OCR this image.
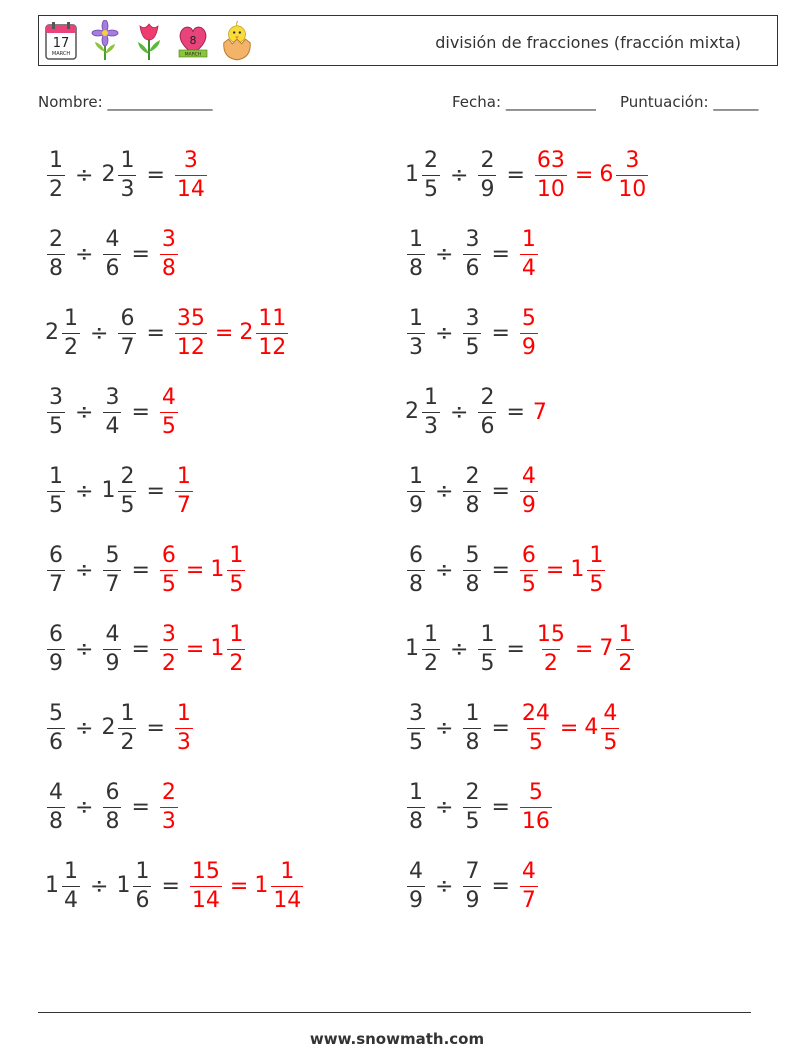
17
MARCH
8
MARCH
división de fracciones (fracción mixta)
Nombre: ______________	Fecha: ____________ Puntuación: ______
$\frac{1}{2} \div 2 \frac{1}{3} = \frac{3}{14}$
$\frac{2}{8} \div \frac{4}{6} = \frac{3}{8}$
$2 \frac{1}{2} \div \frac{6}{7} = \frac{35}{12} = 2 \frac{11}{12}$
$\frac{3}{5} \div \frac{3}{4} = \frac{4}{5}$
$\frac{1}{5} \div 1 \frac{2}{5} = \frac{1}{7}$
$\frac{6}{7} \div \frac{5}{7} = \frac{6}{5} = 1 \frac{1}{5}$
$\frac{6}{9} \div \frac{4}{9} = \frac{3}{2} = 1 \frac{1}{2}$
$\frac{5}{6} \div 2 \frac{1}{2} = \frac{1}{3}$
$\frac{4}{8} \div \frac{6}{8} = \frac{2}{3}$
$1 \frac{1}{4} \div 1 \frac{1}{6} = \frac{15}{14} = 1 \frac{1}{14}$
$1 \frac{2}{5} \div \frac{2}{9} = \frac{63}{10} = 6 \frac{3}{10}$
$\frac{1}{8} \div \frac{3}{6} = \frac{1}{4}$
$\frac{1}{3} \div \frac{3}{5} = \frac{5}{9}$
$2 \frac{1}{3} \div \frac{2}{6} = 7$
$\frac{1}{9} \div \frac{2}{8} = \frac{4}{9}$
$\frac{6}{8} \div \frac{5}{8} = \frac{6}{5} = 1 \frac{1}{5}$
$1 \frac{1}{2} \div \frac{1}{5} = \frac{15}{2} = 7 \frac{1}{2}$
$\frac{3}{5} \div \frac{1}{8} = \frac{24}{5} = 4 \frac{4}{5}$
$\frac{1}{8} \div \frac{2}{5} = \frac{5}{16}$
$\frac{4}{9} \div \frac{7}{9} = \frac{4}{7}$
www.snowmath.com
